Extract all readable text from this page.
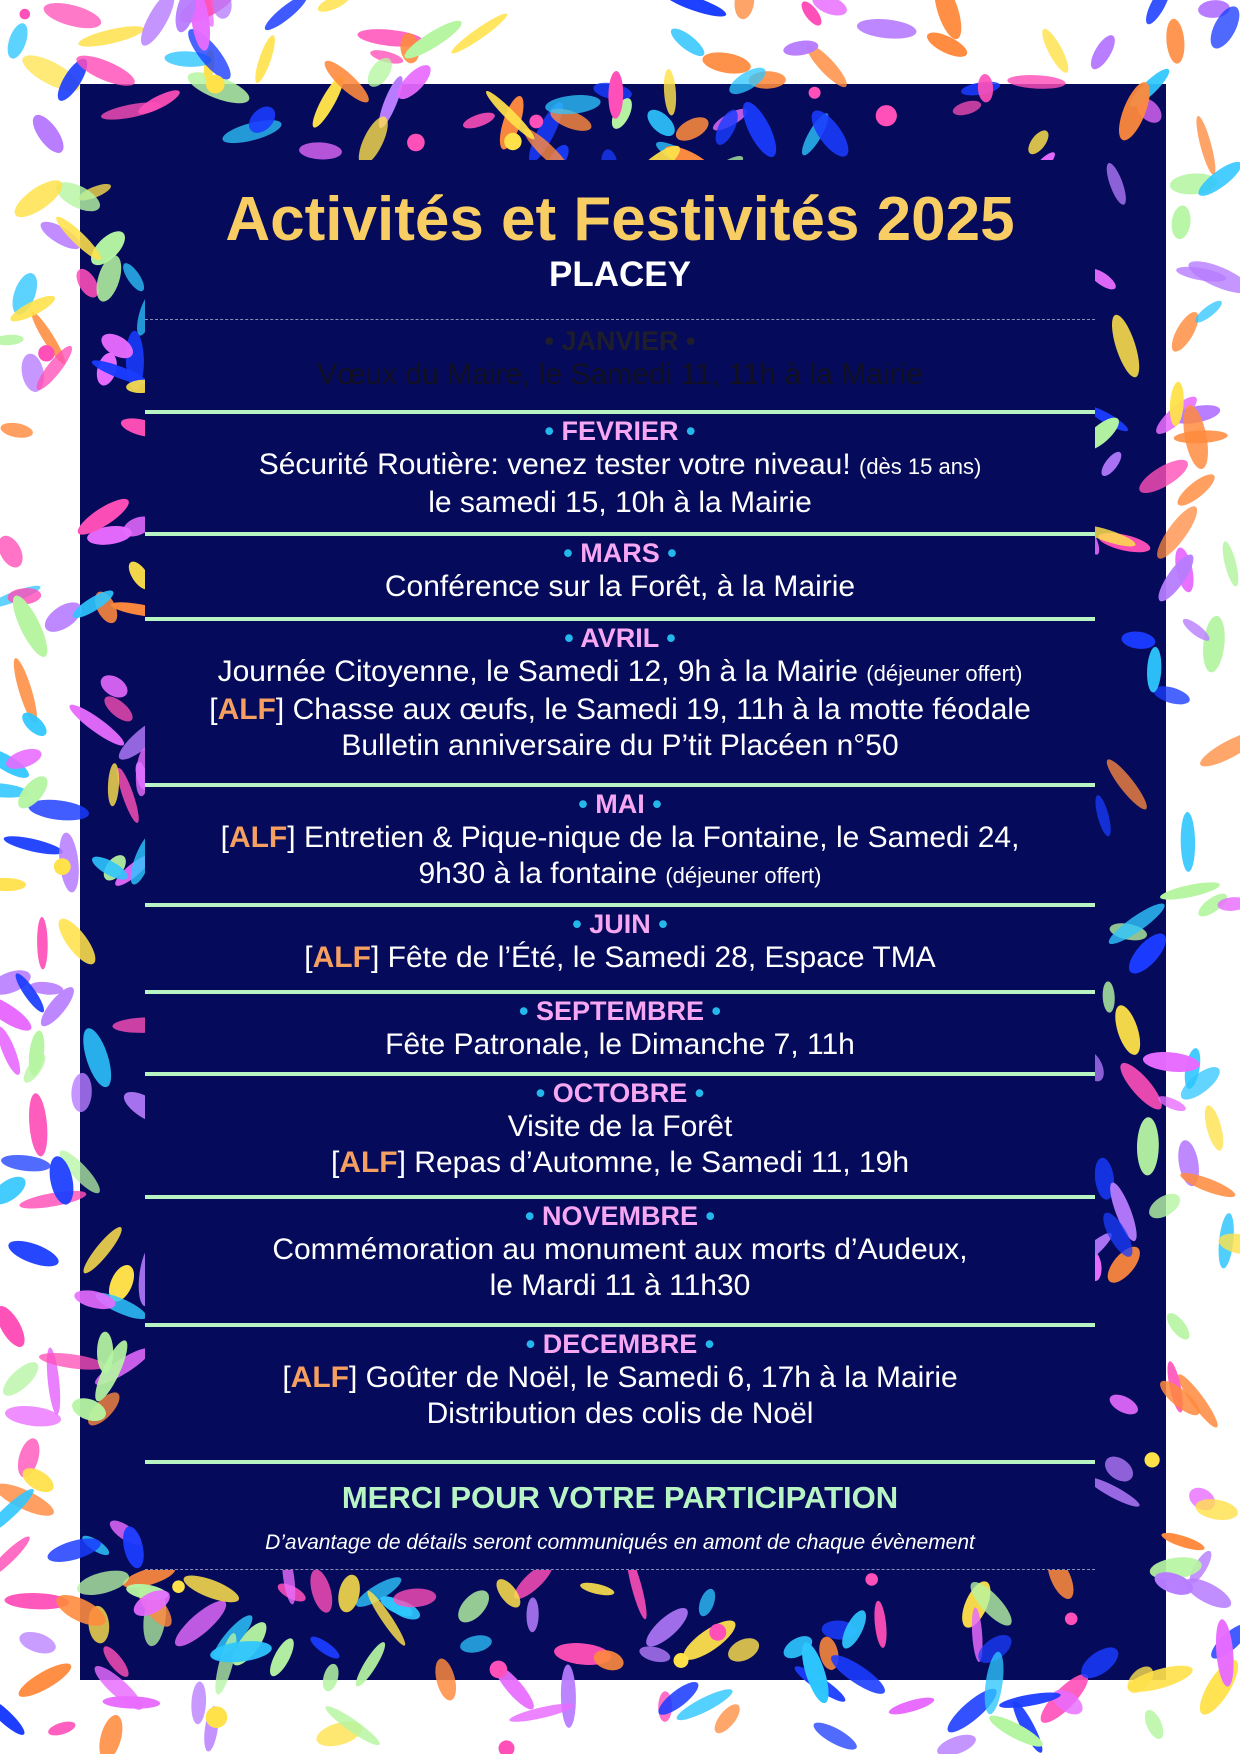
Activités et Festivités 2025
PLACEY
• JANVIER •
Vœux du Maire, le Samedi 11, 11h à la Mairie
• FEVRIER •
Sécurité Routière: venez tester votre niveau! (dès 15 ans)
le samedi 15, 10h à la Mairie
• MARS •
Conférence sur la Forêt, à la Mairie
• AVRIL •
Journée Citoyenne, le Samedi 12, 9h à la Mairie (déjeuner offert)
[ALF] Chasse aux œufs, le Samedi 19, 11h à la motte féodale
Bulletin anniversaire du P’tit Placéen n°50
• MAI •
[ALF] Entretien & Pique-nique de la Fontaine, le Samedi 24,
9h30 à la fontaine (déjeuner offert)
• JUIN •
[ALF] Fête de l’Été, le Samedi 28, Espace TMA
• SEPTEMBRE •
Fête Patronale, le Dimanche 7, 11h
• OCTOBRE •
Visite de la Forêt
[ALF] Repas d’Automne, le Samedi 11, 19h
• NOVEMBRE •
Commémoration au monument aux morts d’Audeux,
le Mardi 11 à 11h30
• DECEMBRE •
[ALF] Goûter de Noël, le Samedi 6, 17h à la Mairie
Distribution des colis de Noël
MERCI POUR VOTRE PARTICIPATION
D’avantage de détails seront communiqués en amont de chaque évènement
